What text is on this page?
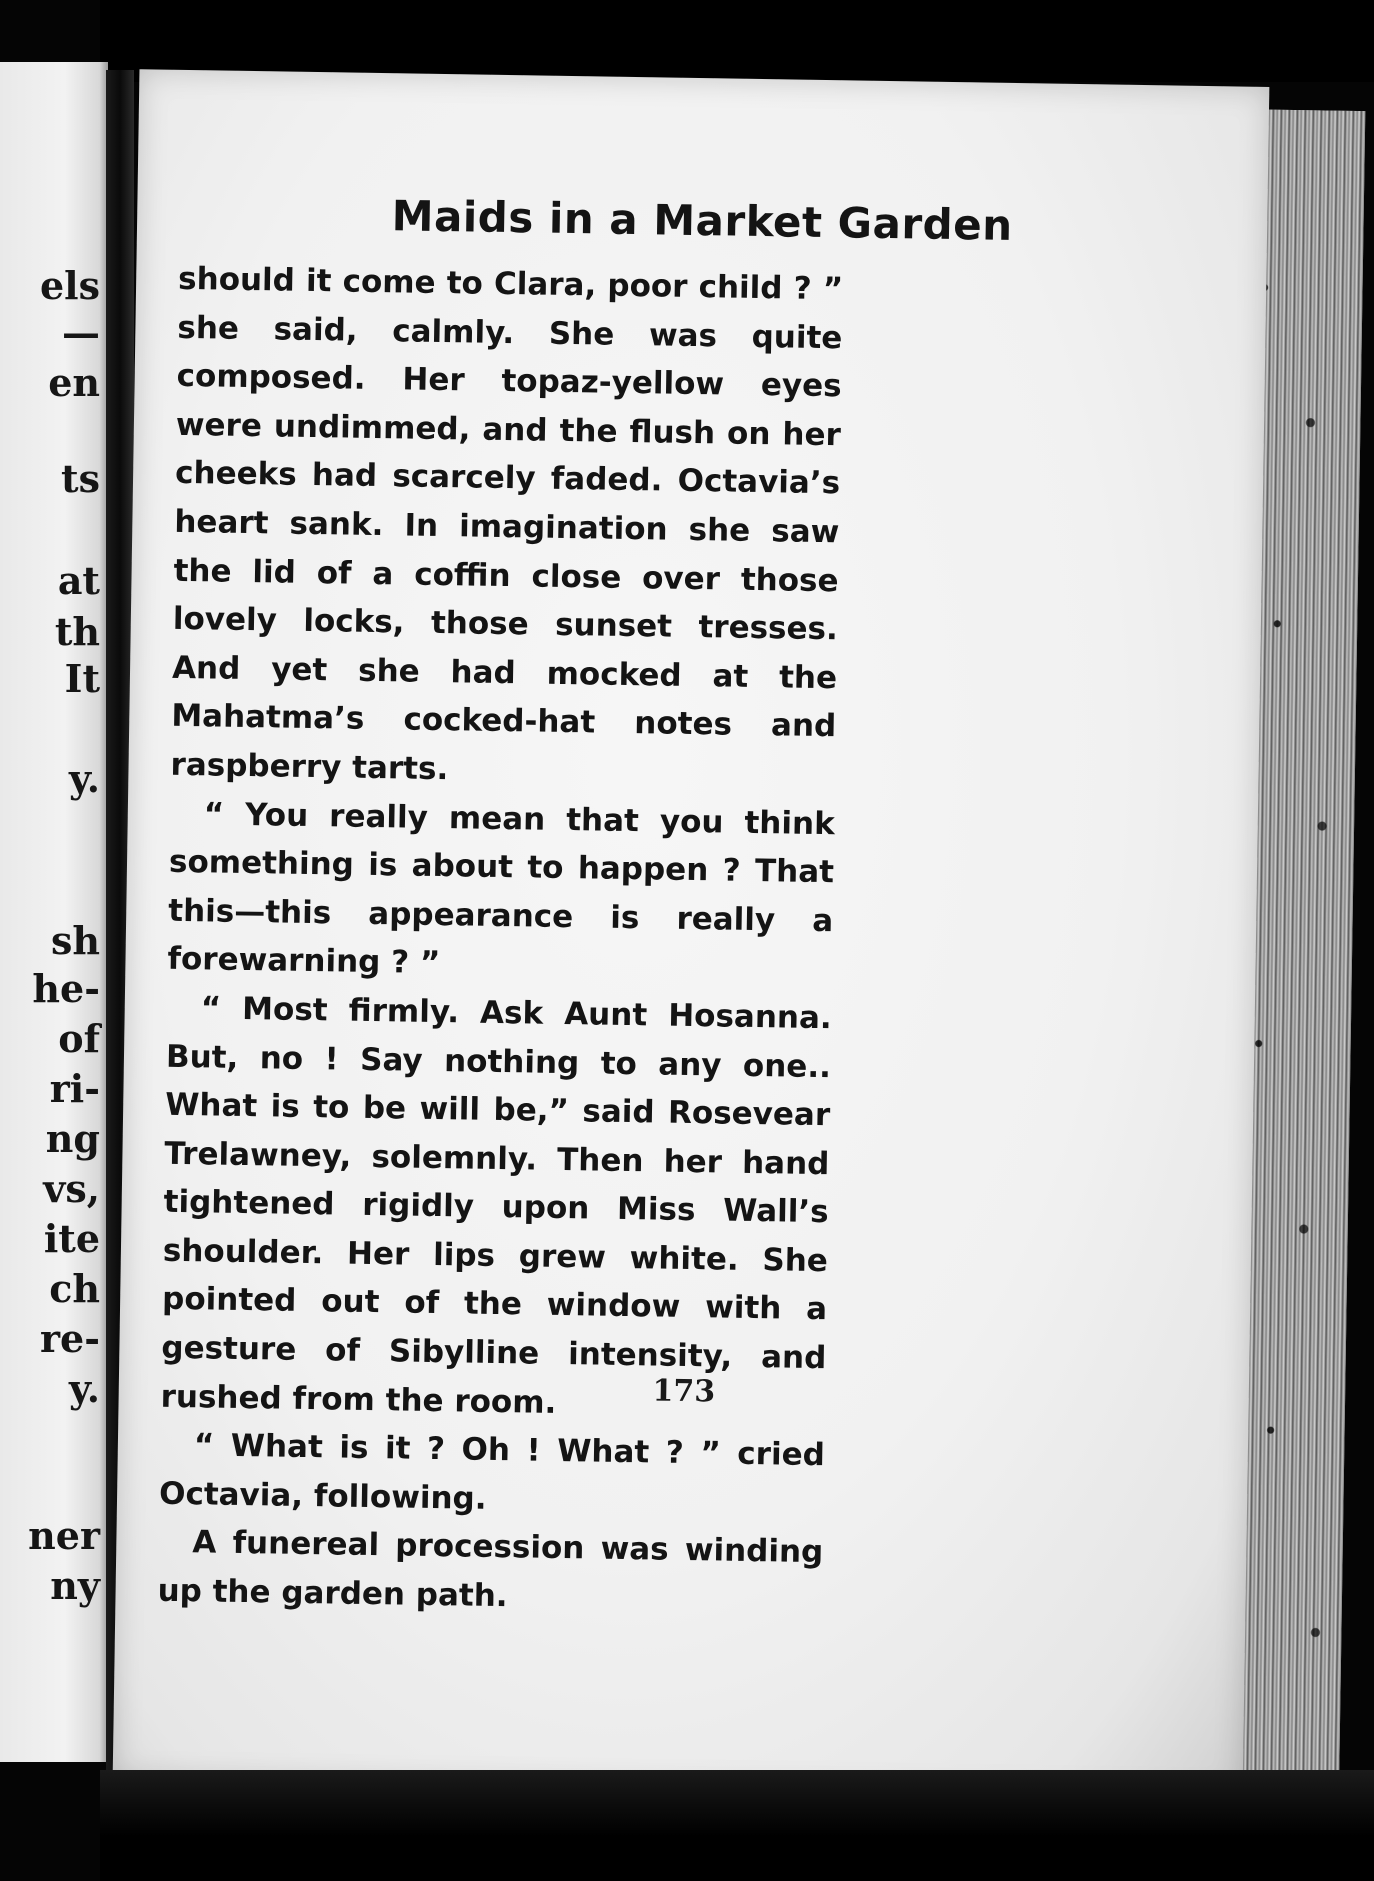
els
—
en
ts
at
th
It
y.
sh
he-
of
ri-
ng
vs,
ite
ch
re-
y.
ner
ny
Maids in a Market Garden

should it come to Clara, poor child ? ” she said, calmly. She was quite composed. Her topaz-yellow eyes were undimmed, and the flush on her cheeks had scarcely faded. Octavia’s heart sank. In imagination she saw the lid of a coffin close over those lovely locks, those sunset tresses. And yet she had mocked at the Mahatma’s cocked-hat notes and raspberry tarts.

“ You really mean that you think something is about to happen ? That this—this appearance is really a forewarning ? ”

“ Most firmly. Ask Aunt Hosanna. But, no ! Say nothing to any one.. What is to be will be,” said Rosevear Trelawney, solemnly. Then her hand tightened rigidly upon Miss Wall’s shoulder. Her lips grew white. She pointed out of the window with a gesture of Sibylline intensity, and rushed from the room.

“ What is it ? Oh ! What ? ” cried Octavia, following.

A funereal procession was winding up the garden path.

173
